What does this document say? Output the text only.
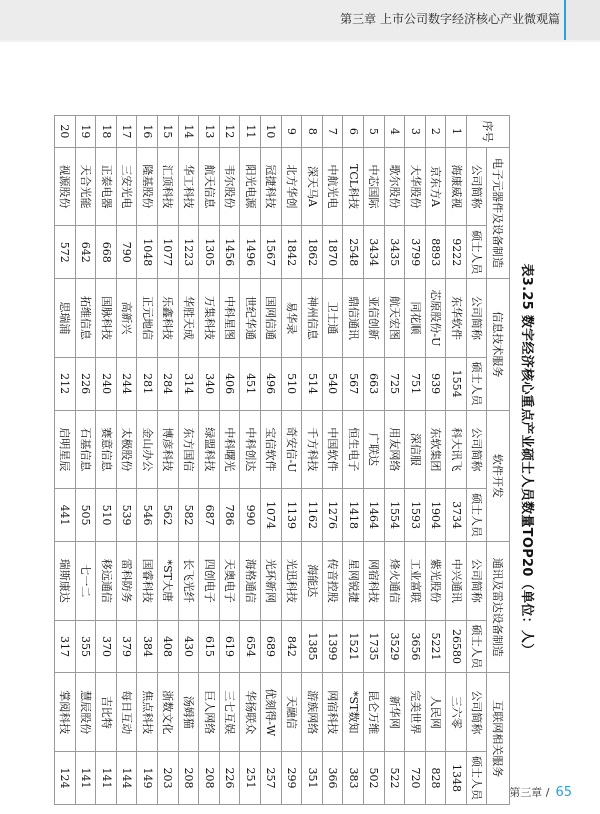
第三章 上市公司数字经济核心产业微观篇
表3.25 数字经济核心重点产业硕士人员数量TOP20（单位：人）
序号	电子元器件及设备制造		信息技术服务		软件开发		通讯及雷达设备制造		互联网相关服务	
	公司简称	硕士人员	公司简称	硕士人员	公司简称	硕士人员	公司简称	硕士人员	公司简称	硕士人员
1	海康威视	9222	东华软件	1554	科大讯飞	3734	中兴通讯	26580	三六零	1348
2	京东方A	8893	芯原股份-U	939	东软集团	1904	紫光股份	5221	人民网	828
3	大华股份	3799	同花顺	751	深信服	1593	工业富联	3656	完美世界	720
4	歌尔股份	3435	航天宏图	725	用友网络	1554	烽火通信	3529	新华网	522
5	中芯国际	3434	亚信创新	663	广联达	1464	网宿科技	1735	昆仑万维	502
6	TCL科技	2548	鼎信通讯	567	恒生电子	1418	星网锐捷	1521	*ST数知	383
7	中航光电	1870	卫士通	540	中国软件	1276	传音控股	1399	网宿科技	366
8	深天马A	1862	神州信息	514	千方科技	1162	海能达	1385	游族网络	351
9	北方华创	1842	易华录	510	奇安信-U	1139	光迅科技	842	天融信	299
10	冠捷科技	1567	国网信通	496	宝信软件	1074	光环新网	689	优刻得-W	257
11	阳光电源	1496	世纪华通	451	中科创达	990	海格通信	654	华扬联众	251
12	韦尔股份	1456	中科星图	406	中科曙光	786	天奥电子	619	三七互娱	226
13	航天信息	1305	万集科技	340	绿盟科技	687	四创电子	615	巨人网络	208
14	华工科技	1223	华胜天成	314	东方国信	582	长飞光纤	430	汤姆猫	208
15	汇顶科技	1077	乐鑫科技	284	博彦科技	562	*ST大唐	408	浙数文化	203
16	隆基股份	1048	正元地信	281	金山办公	546	国睿科技	384	焦点科技	149
17	三安光电	790	高新兴	244	太极股份	539	雷科防务	379	每日互动	144
18	正泰电器	668	国脉科技	240	赛意信息	510	移远通信	370	吉比特	141
19	天合光能	642	拓维信息	226	石基信息	505	七一二	355	慧辰股份	141
20	视源股份	572	思瑞浦	212	启明星辰	441	瑞斯康达	317	掌阅科技	124
第三章 / 65
